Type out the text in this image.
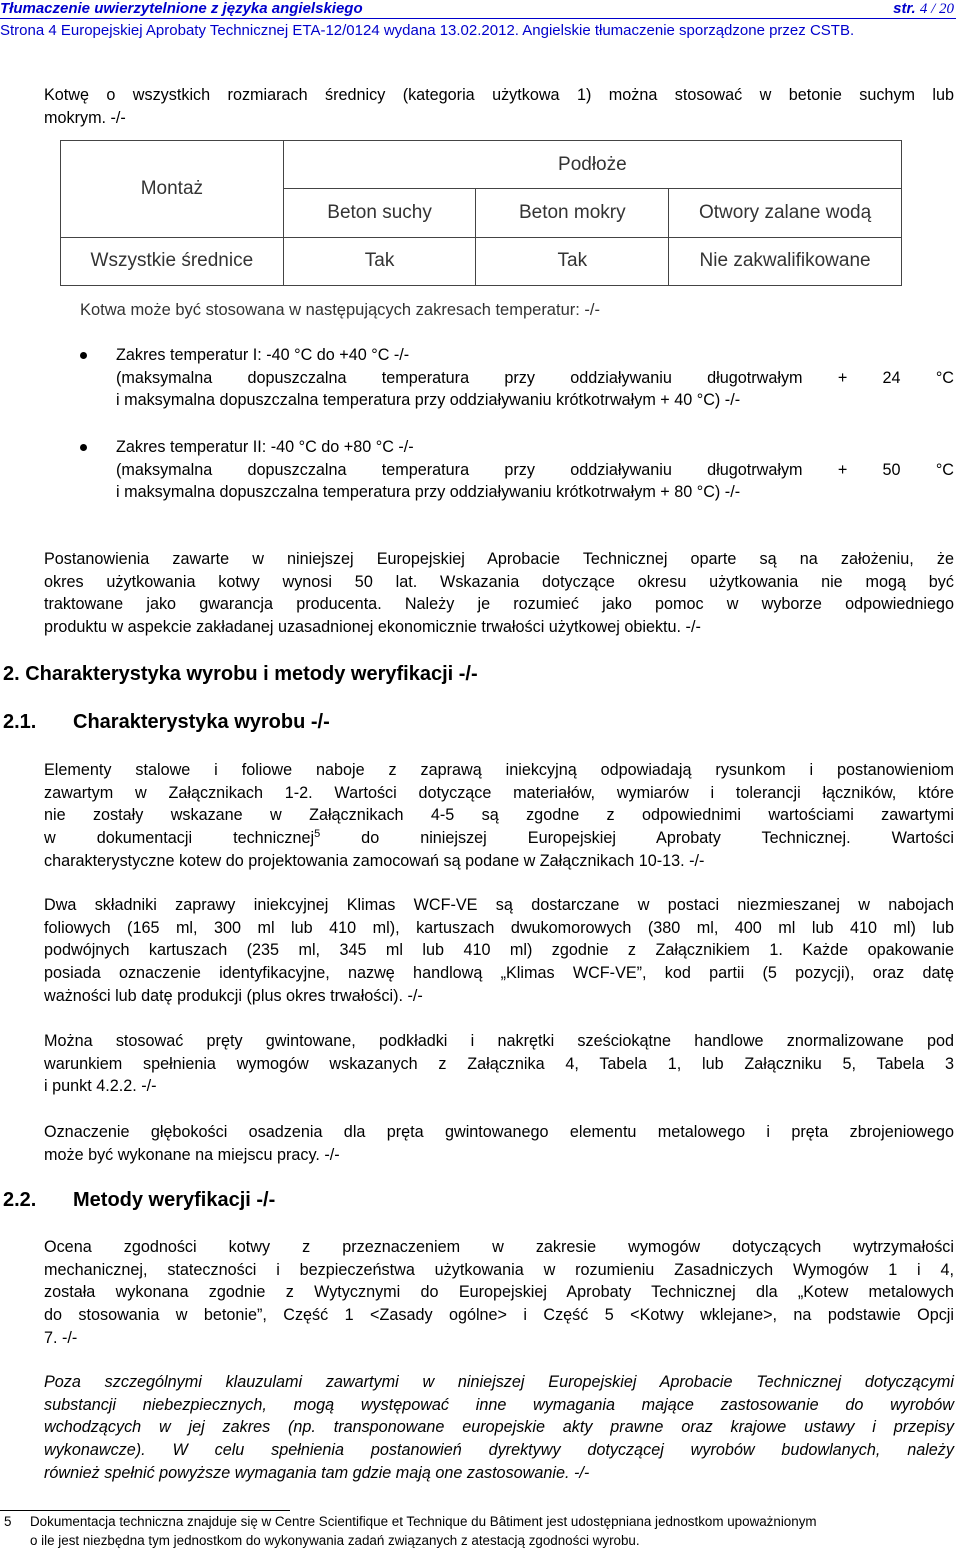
Tłumaczenie uwierzytelnione z języka angielskiego	str. 4 / 20
Strona 4 Europejskiej Aprobaty Technicznej ETA-12/0124 wydana 13.02.2012. Angielskie tłumaczenie sporządzone przez CSTB.
Kotwę o wszystkich rozmiarach średnicy (kategoria użytkowa 1) można stosować w betonie suchym lub
mokrym. -/-
Montaż	Podłoże		
	Beton suchy	Beton mokry	Otwory zalane wodą
Wszystkie średnice	Tak	Tak	Nie zakwalifikowane
Kotwa może być stosowana w następujących zakresach temperatur: -/-
Zakres temperatur I: -40 °C do +40 °C -/-
(maksymalna dopuszczalna temperatura przy oddziaływaniu długotrwałym + 24 °C
i maksymalna dopuszczalna temperatura przy oddziaływaniu krótkotrwałym + 40 °C) -/-
Zakres temperatur II: -40 °C do +80 °C -/-
(maksymalna dopuszczalna temperatura przy oddziaływaniu długotrwałym + 50 °C
i maksymalna dopuszczalna temperatura przy oddziaływaniu krótkotrwałym + 80 °C) -/-
Postanowienia zawarte w niniejszej Europejskiej Aprobacie Technicznej oparte są na założeniu, że
okres użytkowania kotwy wynosi 50 lat. Wskazania dotyczące okresu użytkowania nie mogą być
traktowane jako gwarancja producenta. Należy je rozumieć jako pomoc w wyborze odpowiedniego
produktu w aspekcie zakładanej uzasadnionej ekonomicznie trwałości użytkowej obiektu. -/-
2. Charakterystyka wyrobu i metody weryfikacji -/-
2.1. Charakterystyka wyrobu -/-
Elementy stalowe i foliowe naboje z zaprawą iniekcyjną odpowiadają rysunkom i postanowieniom
zawartym w Załącznikach 1-2. Wartości dotyczące materiałów, wymiarów i tolerancji łączników, które
nie zostały wskazane w Załącznikach 4-5 są zgodne z odpowiednimi wartościami zawartymi
w dokumentacji technicznej$^5$ do niniejszej Europejskiej Aprobaty Technicznej. Wartości
charakterystyczne kotew do projektowania zamocowań są podane w Załącznikach 10-13. -/-
Dwa składniki zaprawy iniekcyjnej Klimas WCF-VE są dostarczane w postaci niezmieszanej w nabojach
foliowych (165 ml, 300 ml lub 410 ml), kartuszach dwukomorowych (380 ml, 400 ml lub 410 ml) lub
podwójnych kartuszach (235 ml, 345 ml lub 410 ml) zgodnie z Załącznikiem 1. Każde opakowanie
posiada oznaczenie identyfikacyjne, nazwę handlową „Klimas WCF-VE”, kod partii (5 pozycji), oraz datę
ważności lub datę produkcji (plus okres trwałości). -/-
Można stosować pręty gwintowane, podkładki i nakrętki sześciokątne handlowe znormalizowane pod
warunkiem spełnienia wymogów wskazanych z Załącznika 4, Tabela 1, lub Załączniku 5, Tabela 3
i punkt 4.2.2. -/-
Oznaczenie głębokości osadzenia dla pręta gwintowanego elementu metalowego i pręta zbrojeniowego
może być wykonane na miejscu pracy. -/-
2.2. Metody weryfikacji -/-
Ocena zgodności kotwy z przeznaczeniem w zakresie wymogów dotyczących wytrzymałości
mechanicznej, stateczności i bezpieczeństwa użytkowania w rozumieniu Zasadniczych Wymogów 1 i 4,
została wykonana zgodnie z Wytycznymi do Europejskiej Aprobaty Technicznej dla „Kotew metalowych
do stosowania w betonie”, Część 1 <Zasady ogólne> i Część 5 <Kotwy wklejane>, na podstawie Opcji
7. -/-
Poza szczególnymi klauzulami zawartymi w niniejszej Europejskiej Aprobacie Technicznej dotyczącymi
substancji niebezpiecznych, mogą występować inne wymagania mające zastosowanie do wyrobów
wchodzących w jej zakres (np. transponowane europejskie akty prawne oraz krajowe ustawy i przepisy
wykonawcze). W celu spełnienia postanowień dyrektywy dotyczącej wyrobów budowlanych, należy
również spełnić powyższe wymagania tam gdzie mają one zastosowanie. -/-
5 Dokumentacja techniczna znajduje się w Centre Scientifique et Technique du Bâtiment jest udostępniana jednostkom upoważnionym
o ile jest niezbędna tym jednostkom do wykonywania zadań związanych z atestacją zgodności wyrobu.
